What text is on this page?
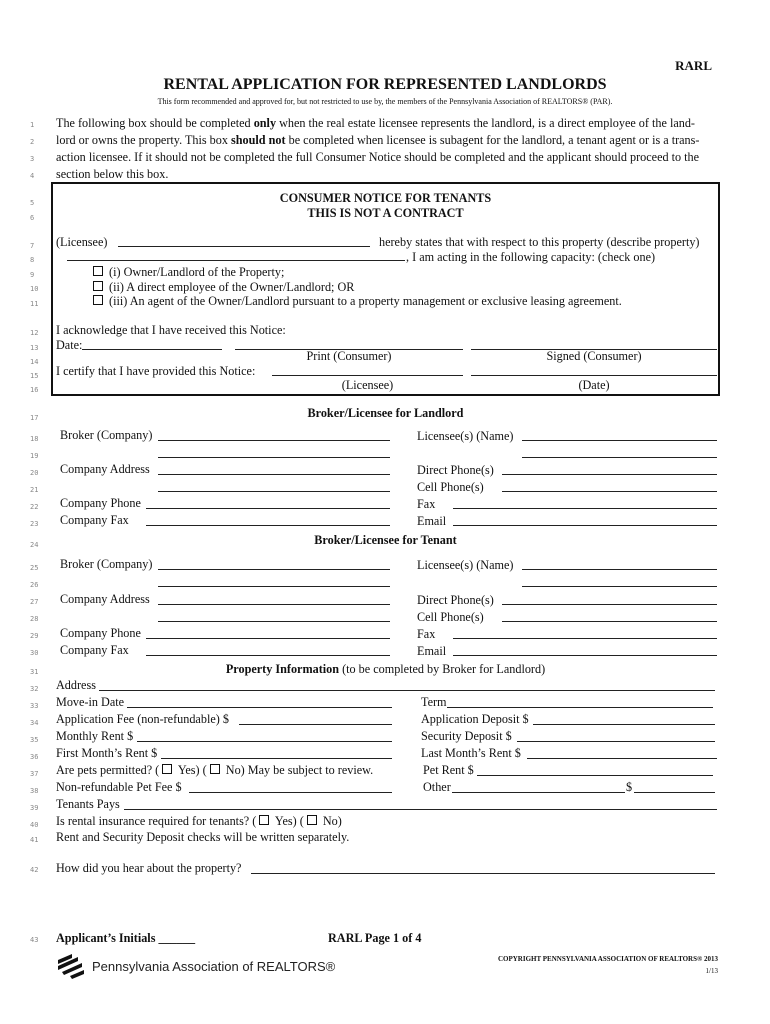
RARL
RENTAL APPLICATION FOR REPRESENTED LANDLORDS
This form recommended and approved for, but not restricted to use by, the members of the Pennsylvania Association of REALTORS® (PAR).
1
2
3
4
5
6
7
8
9
10
11
12
13
14
15
16
17
18
19
20
21
22
23
24
25
26
27
28
29
30
31
32
33
34
35
36
37
38
39
40
41
42
43
The following box should be completed only when the real estate licensee represents the landlord, is a direct employee of the land-
lord or owns the property. This box should not be completed when licensee is subagent for the landlord, a tenant agent or is a trans-
action licensee. If it should not be completed the full Consumer Notice should be completed and the applicant should proceed to the
section below this box.
CONSUMER NOTICE FOR TENANTS
THIS IS NOT A CONTRACT
(Licensee)	hereby states that with respect to this property (describe property)
, I am acting in the following capacity: (check one)
(i) Owner/Landlord of the Property;
(ii) A direct employee of the Owner/Landlord; OR
(iii) An agent of the Owner/Landlord pursuant to a property management or exclusive leasing agreement.
I acknowledge that I have received this Notice:
Date:
Print (Consumer)	Signed (Consumer)
I certify that I have provided this Notice:
(Licensee)	(Date)
Broker/Licensee for Landlord
Broker (Company)	Licensee(s) (Name)
Company Address	Direct Phone(s)
Cell Phone(s)
Company Phone	Fax
Company Fax	Email
Broker/Licensee for Tenant
Broker (Company)	Licensee(s) (Name)
Company Address	Direct Phone(s)
Cell Phone(s)
Company Phone	Fax
Company Fax	Email
Property Information (to be completed by Broker for Landlord)
Address
Move-in Date	Term
Application Fee (non-refundable) $	Application Deposit $
Monthly Rent $	Security Deposit $
First Month’s Rent $	Last Month’s Rent $
Are pets permitted? ( Yes) ( No) May be subject to review.	Pet Rent $
Non-refundable Pet Fee $	Other	$
Tenants Pays
Is rental insurance required for tenants? ( Yes) ( No)
Rent and Security Deposit checks will be written separately.
How did you hear about the property?
Applicant’s Initials ______	RARL Page 1 of 4
Pennsylvania Association of REALTORS®	COPYRIGHT PENNSYLVANIA ASSOCIATION OF REALTORS® 2013
1/13
